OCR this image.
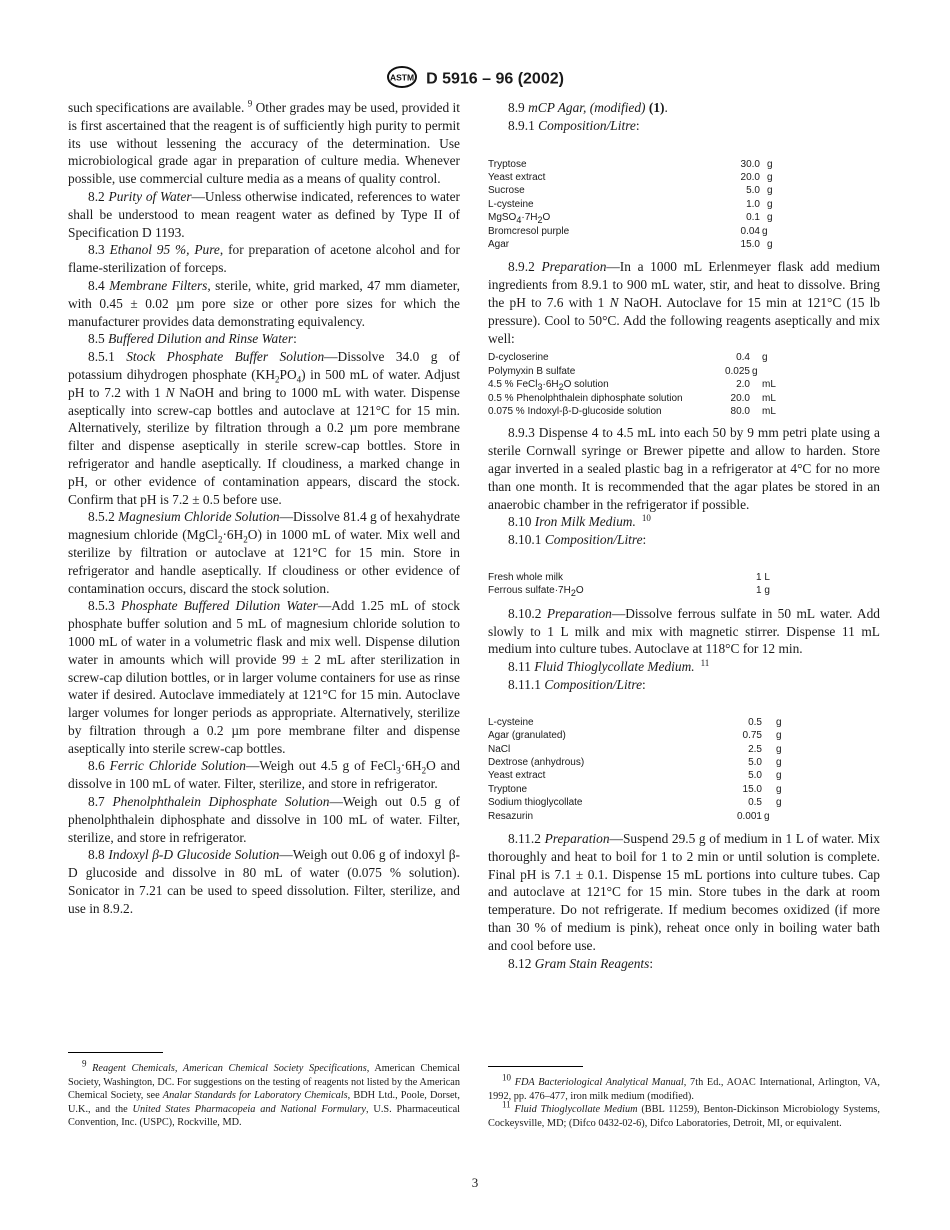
ASTM D 5916 – 96 (2002)

such specifications are available. $^9$ Other grades may be used, provided it is first ascertained that the reagent is of sufficiently high purity to permit its use without lessening the accuracy of the determination. Use microbiological grade agar in preparation of culture media. Whenever possible, use commercial culture media as a means of quality control.

8.2 Purity of Water—Unless otherwise indicated, references to water shall be understood to mean reagent water as defined by Type II of Specification D 1193.

8.3 Ethanol 95 %, Pure, for preparation of acetone alcohol and for flame-sterilization of forceps.

8.4 Membrane Filters, sterile, white, grid marked, 47 mm diameter, with 0.45 ± 0.02 µm pore size or other pore sizes for which the manufacturer provides data demonstrating equivalency.

8.5 Buffered Dilution and Rinse Water:

8.5.1 Stock Phosphate Buffer Solution—Dissolve 34.0 g of potassium dihydrogen phosphate $(KH_2PO_4)$ in 500 mL of water. Adjust pH to 7.2 with 1 N NaOH and bring to 1000 mL with water. Dispense aseptically into screw-cap bottles and autoclave at 121°C for 15 min. Alternatively, sterilize by filtration through a 0.2 µm pore membrane filter and dispense aseptically in sterile screw-cap bottles. Store in refrigerator and handle aseptically. If cloudiness, a marked change in pH, or other evidence of contamination appears, discard the stock. Confirm that pH is 7.2 ± 0.5 before use.

8.5.2 Magnesium Chloride Solution—Dissolve 81.4 g of hexahydrate magnesium chloride $(MgCl_2\cdot 6H_2O)$ in 1000 mL of water. Mix well and sterilize by filtration or autoclave at 121°C for 15 min. Store in refrigerator and handle aseptically. If cloudiness or other evidence of contamination occurs, discard the stock solution.

8.5.3 Phosphate Buffered Dilution Water—Add 1.25 mL of stock phosphate buffer solution and 5 mL of magnesium chloride solution to 1000 mL of water in a volumetric flask and mix well. Dispense dilution water in amounts which will provide 99 ± 2 mL after sterilization in screw-cap dilution bottles, or in larger volume containers for use as rinse water if desired. Autoclave immediately at 121°C for 15 min. Autoclave larger volumes for longer periods as appropriate. Alternatively, sterilize by filtration through a 0.2 µm pore membrane filter and dispense aseptically into sterile screw-cap bottles.

8.6 Ferric Chloride Solution—Weigh out 4.5 g of $FeCl_3\cdot 6H_2O$ and dissolve in 100 mL of water. Filter, sterilize, and store in refrigerator.

8.7 Phenolphthalein Diphosphate Solution—Weigh out 0.5 g of phenolphthalein diphosphate and dissolve in 100 mL of water. Filter, sterilize, and store in refrigerator.

8.8 Indoxyl β-D Glucoside Solution—Weigh out 0.06 g of indoxyl β-D glucoside and dissolve in 80 mL of water (0.075 % solution). Sonicator in 7.21 can be used to speed dissolution. Filter, sterilize, and use in 8.9.2.

8.9 mCP Agar, (modified) (1).

8.9.1 Composition/Litre:

Tryptose	30.0	g
Yeast extract	20.0	g
Sucrose	5.0	g
L-cysteine	1.0	g
$MgSO_4\cdot 7H_2O$	0.1	g
Bromcresol purple	0.04	g
Agar	15.0	g

8.9.2 Preparation—In a 1000 mL Erlenmeyer flask add medium ingredients from 8.9.1 to 900 mL water, stir, and heat to dissolve. Bring the pH to 7.6 with 1 N NaOH. Autoclave for 15 min at 121°C (15 lb pressure). Cool to 50°C. Add the following reagents aseptically and mix well:

D-cycloserine	0.4	g
Polymyxin B sulfate	0.025	g
4.5 % $FeCl_3\cdot 6H_2O$ solution	2.0	mL
0.5 % Phenolphthalein diphosphate solution	20.0	mL
0.075 % Indoxyl-β-D-glucoside solution	80.0	mL

8.9.3 Dispense 4 to 4.5 mL into each 50 by 9 mm petri plate using a sterile Cornwall syringe or Brewer pipette and allow to harden. Store agar inverted in a sealed plastic bag in a refrigerator at 4°C for no more than one month. It is recommended that the agar plates be stored in an anaerobic chamber in the refrigerator if possible.

8.10 Iron Milk Medium. $^{10}$

8.10.1 Composition/Litre:

Fresh whole milk	1 L
Ferrous $sulfate\cdot 7H_2O$	1 g

8.10.2 Preparation—Dissolve ferrous sulfate in 50 mL water. Add slowly to 1 L milk and mix with magnetic stirrer. Dispense 11 mL medium into culture tubes. Autoclave at 118°C for 12 min.

8.11 Fluid Thioglycollate Medium. $^{11}$

8.11.1 Composition/Litre:

L-cysteine	0.5	g
Agar (granulated)	0.75	g
NaCl	2.5	g
Dextrose (anhydrous)	5.0	g
Yeast extract	5.0	g
Tryptone	15.0	g
Sodium thioglycollate	0.5	g
Resazurin	0.001	g

8.11.2 Preparation—Suspend 29.5 g of medium in 1 L of water. Mix thoroughly and heat to boil for 1 to 2 min or until solution is complete. Final pH is 7.1 ± 0.1. Dispense 15 mL portions into culture tubes. Cap and autoclave at 121°C for 15 min. Store tubes in the dark at room temperature. Do not refrigerate. If medium becomes oxidized (if more than 30 % of medium is pink), reheat once only in boiling water bath and cool before use.

8.12 Gram Stain Reagents:

$^9$ Reagent Chemicals, American Chemical Society Specifications, American Chemical Society, Washington, DC. For suggestions on the testing of reagents not listed by the American Chemical Society, see Analar Standards for Laboratory Chemicals, BDH Ltd., Poole, Dorset, U.K., and the United States Pharmacopeia and National Formulary, U.S. Pharmaceutical Convention, Inc. (USPC), Rockville, MD.

$^{10}$ FDA Bacteriological Analytical Manual, 7th Ed., AOAC International, Arlington, VA, 1992, pp. 476–477, iron milk medium (modified).

$^{11}$ Fluid Thioglycollate Medium (BBL 11259), Benton-Dickinson Microbiology Systems, Cockeysville, MD; (Difco 0432-02-6), Difco Laboratories, Detroit, MI, or equivalent.

3
